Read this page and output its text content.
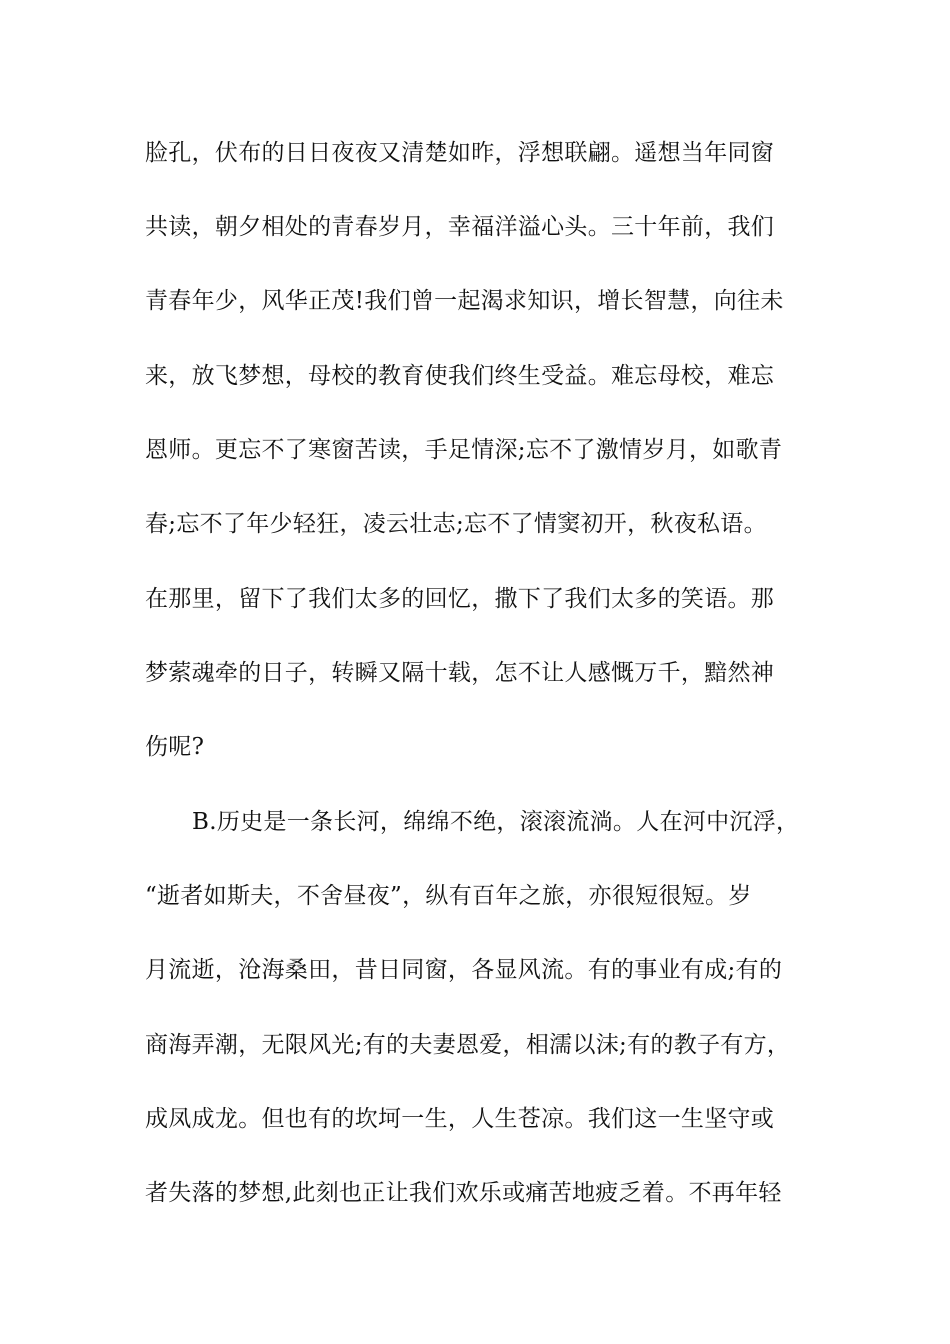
脸孔，伏布的日日夜夜又清楚如昨，浮想联翩。遥想当年同窗
共读，朝夕相处的青春岁月，幸福洋溢心头。三十年前，我们
青春年少，风华正茂!我们曾一起渴求知识，增长智慧，向往未
来，放飞梦想，母校的教育使我们终生受益。难忘母校，难忘
恩师。更忘不了寒窗苦读，手足情深;忘不了激情岁月，如歌青
春;忘不了年少轻狂，凌云壮志;忘不了情窦初开，秋夜私语。
在那里，留下了我们太多的回忆，撒下了我们太多的笑语。那
梦萦魂牵的日子，转瞬又隔十载，怎不让人感慨万千，黯然神
伤呢?
B.历史是一条长河，绵绵不绝，滚滚流淌。人在河中沉浮，
“逝者如斯夫，不舍昼夜”，纵有百年之旅，亦很短很短。岁
月流逝，沧海桑田，昔日同窗，各显风流。有的事业有成;有的
商海弄潮，无限风光;有的夫妻恩爱，相濡以沫;有的教子有方，
成凤成龙。但也有的坎坷一生，人生苍凉。我们这一生坚守或
者失落的梦想,此刻也正让我们欢乐或痛苦地疲乏着。不再年轻
